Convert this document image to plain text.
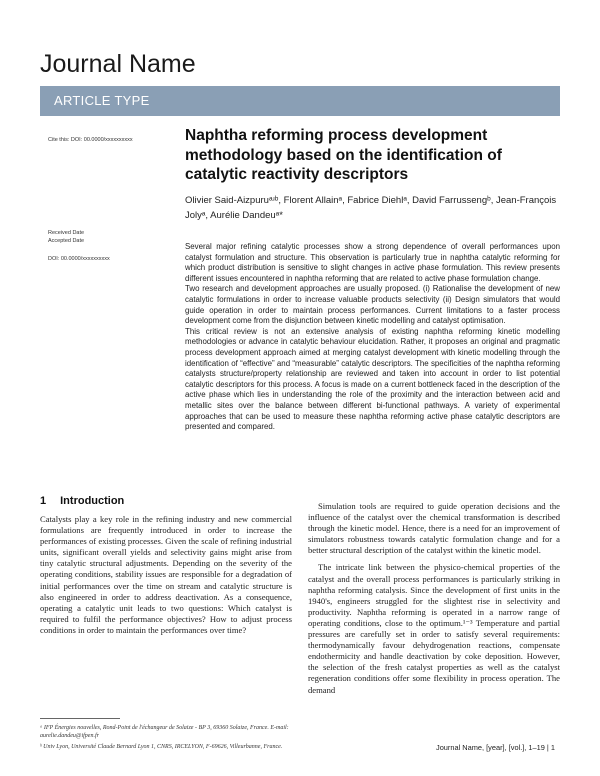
Journal Name
ARTICLE TYPE
Cite this: DOI: 00.0000/xxxxxxxxxx
Received Date
Accepted Date
DOI: 00.0000/xxxxxxxxxx
Naphtha reforming process development methodology based on the identification of catalytic reactivity descriptors
Olivier Said-Aizpuruᵃʴᵇ, Florent Allainᵃ, Fabrice Diehlᵃ, David Farrussengᵇ, Jean-François Jolyᵃ, Aurélie Dandeuᵃ*

Several major refining catalytic processes show a strong dependence of overall performances upon catalyst formulation and structure. This observation is particularly true in naphtha catalytic reforming for which product distribution is sensitive to slight changes in active phase formulation. This review presents different issues encountered in naphtha reforming that are related to active phase formulation change.

Two research and development approaches are usually proposed. (i) Rationalise the development of new catalytic formulations in order to increase valuable products selectivity (ii) Design simulators that would guide operation in order to maintain process performances. Current limitations to a faster process development come from the disjunction between kinetic modelling and catalyst optimisation.

This critical review is not an extensive analysis of existing naphtha reforming kinetic modelling methodologies or advance in catalytic behaviour elucidation. Rather, it proposes an original and pragmatic process development approach aimed at merging catalyst development with kinetic modelling through the identification of “effective” and “measurable” catalytic descriptors. The specificities of the naphtha reforming catalysts structure/property relationship are reviewed and taken into account in order to list potential catalytic descriptors for this process. A focus is made on a current bottleneck faced in the description of the active phase which lies in understanding the role of the proximity and the interaction between acid and metallic sites over the balance between different bi-functional pathways. A variety of experimental approaches that can be used to measure these naphtha reforming active phase catalytic descriptors are presented and compared.

1 Introduction

Catalysts play a key role in the refining industry and new commercial formulations are frequently introduced in order to increase the performances of existing processes. Given the scale of refining industrial units, significant overall yields and selectivity gains might arise from tiny catalytic structural adjustments. Depending on the severity of the operating conditions, stability issues are responsible for a degradation of initial performances over the time on stream and catalytic structure is also engineered in order to address deactivation. As a consequence, operating a catalytic unit leads to two questions: Which catalyst is required to fulfil the performance objectives? How to adjust process conditions in order to maintain the performances over time?

Simulation tools are required to guide operation decisions and the influence of the catalyst over the chemical transformation is described through the kinetic model. Hence, there is a need for an improvement of simulators robustness towards catalytic formulation change and for a better structural description of the catalyst within the kinetic model.

The intricate link between the physico-chemical properties of the catalyst and the overall process performances is particularly striking in naphtha reforming catalysis. Since the development of first units in the 1940's, engineers struggled for the slightest rise in selectivity and productivity. Naphtha reforming is operated in a narrow range of operating conditions, close to the optimum.¹⁻³ Temperature and partial pressures are carefully set in order to satisfy several requirements: thermodynamically favour dehydrogenation reactions, compensate endothermicity and handle deactivation by coke deposition. However, the selection of the fresh catalyst properties as well as the catalyst regeneration conditions offer some flexibility in process operation. The demand

ᵃ IFP Énergies nouvelles, Rond-Point de l'échangeur de Solaize - BP 3, 69360 Solaize, France. E-mail: aurelie.dandeu@ifpen.fr
ᵇ Univ Lyon, Université Claude Bernard Lyon 1, CNRS, IRCELYON, F-69626, Villeurbanne, France.	Journal Name, [year], [vol.], 1–19 | 1
